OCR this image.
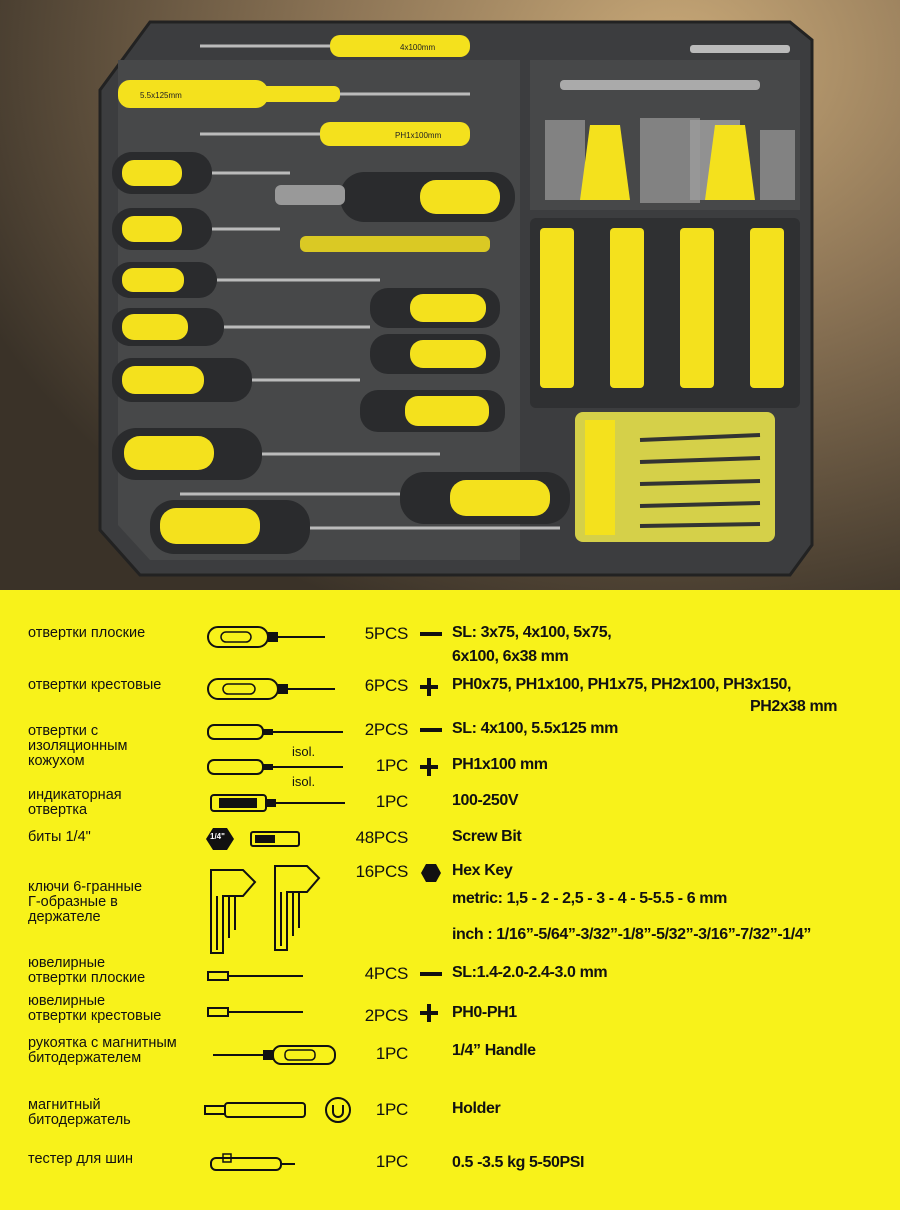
4x100mm
5.5x125mm
PH1x100mm
отвертки плоские	5PCS	SL: 3x75, 4x100, 5x75,
6x100, 6x38 mm
отвертки крестовые	6PCS	PH0x75, PH1x100, PH1x75, PH2x100, PH3x150,
PH2x38 mm
отвертки с
изоляционным
кожухом
isol.
2PCS	SL: 4x100, 5.5x125 mm
isol.
1PC	PH1x100 mm
индикаторная
отвертка	1PC	100-250V
биты 1/4"	1/4"	48PCS	Screw Bit
ключи 6-гранные
Г-образные в
держателе
16PCS	Hex Key
metric: 1,5 - 2 - 2,5 - 3 - 4 - 5-5.5 - 6 mm
inch : 1/16”-5/64”-3/32”-1/8”-5/32”-3/16”-7/32”-1/4”
ювелирные
отвертки плоские	4PCS	SL:1.4-2.0-2.4-3.0 mm
ювелирные
отвертки крестовые	2PCS	PH0-PH1
рукоятка с магнитным
битодержателем	1PC	1/4” Handle
магнитный
битодержатель
1PC	Holder
тестер для шин	1PC	0.5 -3.5 kg 5-50PSI
